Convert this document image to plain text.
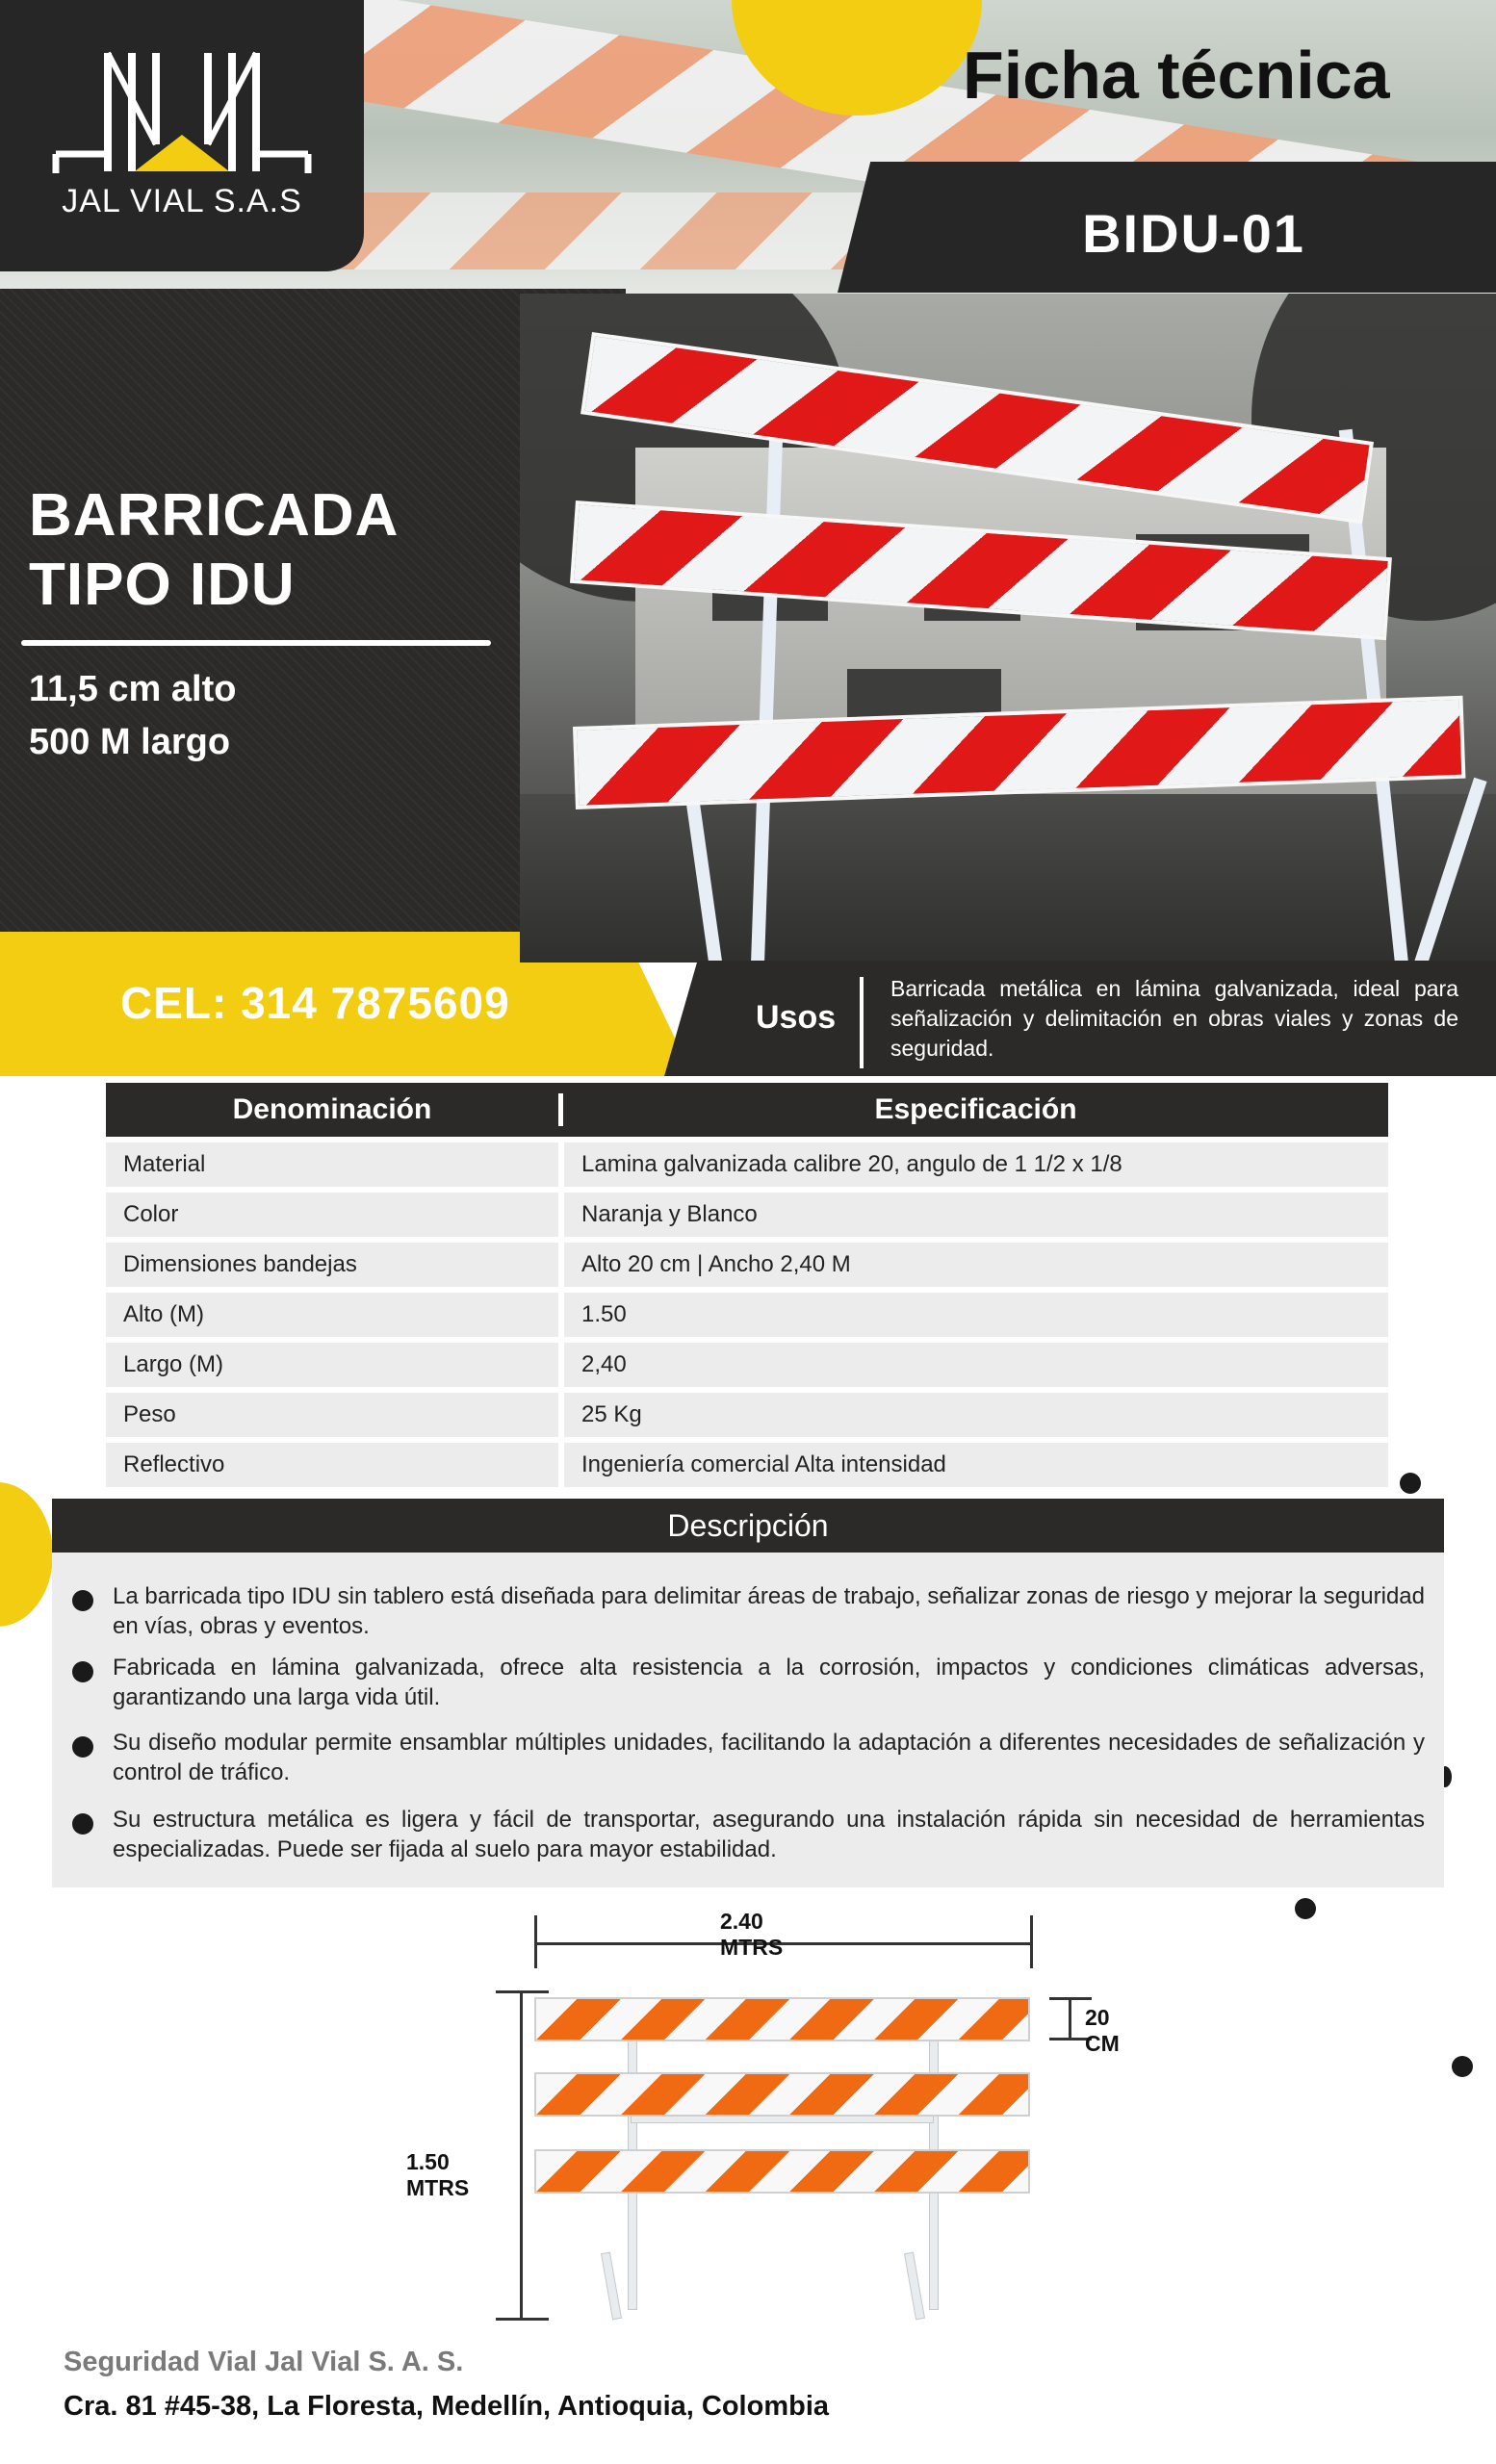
JAL VIAL S.A.S
Ficha técnica
BIDU-01
BARRICADA
TIPO IDU
11,5 cm alto
500 M largo
CEL: 314 7875609	Usos
Barricada metálica en lámina galvanizada, ideal para señalización y delimitación en obras viales y zonas de seguridad.
Denominación	Especificación
Material	Lamina galvanizada calibre 20, angulo de 1 1/2 x 1/8
Color	Naranja y Blanco
Dimensiones bandejas	Alto 20 cm | Ancho 2,40 M
Alto (M)	1.50
Largo (M)	2,40
Peso	25 Kg
Reflectivo	Ingeniería comercial Alta intensidad
Descripción
La barricada tipo IDU sin tablero está diseñada para delimitar áreas de trabajo, señalizar zonas de riesgo y mejorar la seguridad en vías, obras y eventos.
Fabricada en lámina galvanizada, ofrece alta resistencia a la corrosión, impactos y condiciones climáticas adversas, garantizando una larga vida útil.
Su diseño modular permite ensamblar múltiples unidades, facilitando la adaptación a diferentes necesidades de señalización y control de tráfico.
Su estructura metálica es ligera y fácil de transportar, asegurando una instalación rápida sin necesidad de herramientas especializadas. Puede ser fijada al suelo para mayor estabilidad.
2.40 MTRS
1.50 MTRS
20 CM
Seguridad Vial Jal Vial S. A. S.
Cra. 81 #45-38, La Floresta, Medellín, Antioquia, Colombia
